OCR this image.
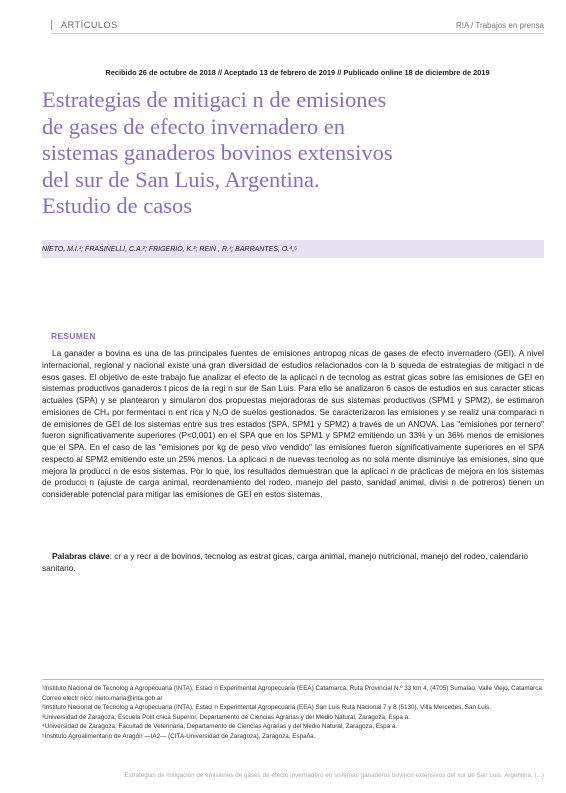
ARTÍCULOS	RIA / Trabajos en prensa
Recibido 26 de octubre de 2018 // Aceptado 13 de febrero de 2019 // Publicado online 18 de diciembre de 2019
Estrategias de mitigaci n de emisiones
de gases de efecto invernadero en
sistemas ganaderos bovinos extensivos
del sur de San Luis, Argentina.
Estudio de casos
NIETO, M.I.¹; FRASINELLI, C.A.²; FRIGERIO, K.²; REIN , R.³; BARRANTES, O.⁴,⁵
RESUMEN

La ganader a bovina es una de las principales fuentes de emisiones antropog nicas de gases de efecto invernadero (GEI). A nivel internacional, regional y nacional existe una gran diversidad de estudios relacionados con la b squeda de estrategias de mitigaci n de esos gases. El objetivo de este trabajo fue analizar el efecto de la aplicaci n de tecnolog as estrat gicas sobre las emisiones de GEI en sistemas productivos ganaderos t picos de la regi n sur de San Luis. Para ello se analizaron 6 casos de estudios en sus caracter sticas actuales (SPA) y se plantearon y simularon dos propuestas mejoradoras de sus sistemas productivos (SPM1 y SPM2), se estimaron emisiones de CH₄ por fermentaci n ent rica y N₂O de suelos gestionados. Se caracterizaron las emisiones y se realiz una comparaci n de emisiones de GEI de los sistemas entre sus tres estados (SPA, SPM1 y SPM2) a través de un ANOVA. Las "emisiones por ternero" fueron significativamente superiores (P<0,001) en el SPA que en los SPM1 y SPM2 emitiendo un 33% y un 36% menos de emisiones que el SPA. En el caso de las "emisiones por kg de peso vivo vendido" las emisiones fueron significativamente superiores en el SPA respecto al SPM2 emitiendo este un 25% menos. La aplicaci n de nuevas tecnolog as no sola mente disminuye las emisiones, sino que mejora la producci n de esos sistemas. Por lo que, los resultados demuestran que la aplicaci n de prácticas de mejora en los sistemas de producci n (ajuste de carga animal, reordenamiento del rodeo, manejo del pasto, sanidad animal, divisi n de potreros) tienen un considerable potencial para mitigar las emisiones de GEI en estos sistemas.

Palabras clave: cr a y recr a de bovinos, tecnolog as estrat gicas, carga animal, manejo nutricional, manejo del rodeo, calendario sanitario.

¹Instituto Nacional de Tecnolog a Agropecuaria (INTA), Estaci n Experimental Agropecuaria (EEA) Catamarca, Ruta Provincial N.º 33 km 4, (4705) Sumalao, Valle Viejo, Catamarca. Correo electr nico: nieto.maria@inta.gob.ar
²Instituto Nacional de Tecnolog a Agropecuaria (INTA), Estaci n Experimental Agropecuaria (EEA) San Luis Ruta Nacional 7 y 8 (5130), Villa Mercedes, San Luis.
³Universidad de Zaragoza, Escuela Polit cnica Superior, Departamento de Ciencias Agrarias y del Medio Natural, Zaragoza, Espa a.
⁴Universidad de Zaragoza, Facultad de Veterinaria, Departamento de Ciencias Agrarias y del Medio Natural, Zaragoza, Espa a.
⁵Instituto Agroalimentario de Aragón —IA2— (CITA-Universidad de Zaragoza), Zaragoza, España.
Estrategias de mitigación de emisiones de gases de efecto invernadero en sistemas ganaderos bovinos extensivos del sur de San Luis, Argentina. (...)
